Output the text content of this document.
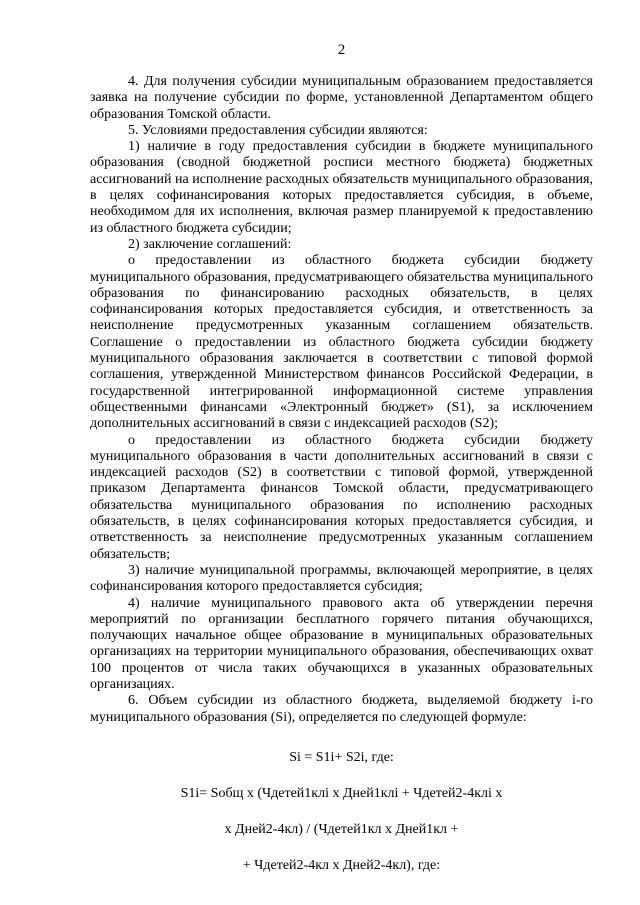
2

4. Для получения субсидии муниципальным образованием предоставляется заявка на получение субсидии по форме, установленной Департаментом общего образования Томской области.

5. Условиями предоставления субсидии являются:

1) наличие в году предоставления субсидии в бюджете муниципального образования (сводной бюджетной росписи местного бюджета) бюджетных ассигнований на исполнение расходных обязательств муниципального образования, в целях софинансирования которых предоставляется субсидия, в объеме, необходимом для их исполнения, включая размер планируемой к предоставлению из областного бюджета субсидии;

2) заключение соглашений:

о предоставлении из областного бюджета субсидии бюджету муниципального образования, предусматривающего обязательства муниципального образования по финансированию расходных обязательств, в целях софинансирования которых предоставляется субсидия, и ответственность за неисполнение предусмотренных указанным соглашением обязательств. Соглашение о предоставлении из областного бюджета субсидии бюджету муниципального образования заключается в соответствии с типовой формой соглашения, утвержденной Министерством финансов Российской Федерации, в государственной интегрированной информационной системе управления общественными финансами «Электронный бюджет» (S1), за исключением дополнительных ассигнований в связи с индексацией расходов (S2);

о предоставлении из областного бюджета субсидии бюджету муниципального образования в части дополнительных ассигнований в связи с индексацией расходов (S2) в соответствии с типовой формой, утвержденной приказом Департамента финансов Томской области, предусматривающего обязательства муниципального образования по исполнению расходных обязательств, в целях софинансирования которых предоставляется субсидия, и ответственность за неисполнение предусмотренных указанным соглашением обязательств;

3) наличие муниципальной программы, включающей мероприятие, в целях софинансирования которого предоставляется субсидия;

4) наличие муниципального правового акта об утверждении перечня мероприятий по организации бесплатного горячего питания обучающихся, получающих начальное общее образование в муниципальных образовательных организациях на территории муниципального образования, обеспечивающих охват 100 процентов от числа таких обучающихся в указанных образовательных организациях.

6. Объем субсидии из областного бюджета, выделяемой бюджету i-го муниципального образования (Si), определяется по следующей формуле:

Si = S1i+ S2i, где:

S1i= Sобщ x (Чдетей1клi x Дней1клi + Чдетей2-4клi x

x Дней2-4кл) / (Чдетей1кл x Дней1кл +

+ Чдетей2-4кл x Дней2-4кл), где:
